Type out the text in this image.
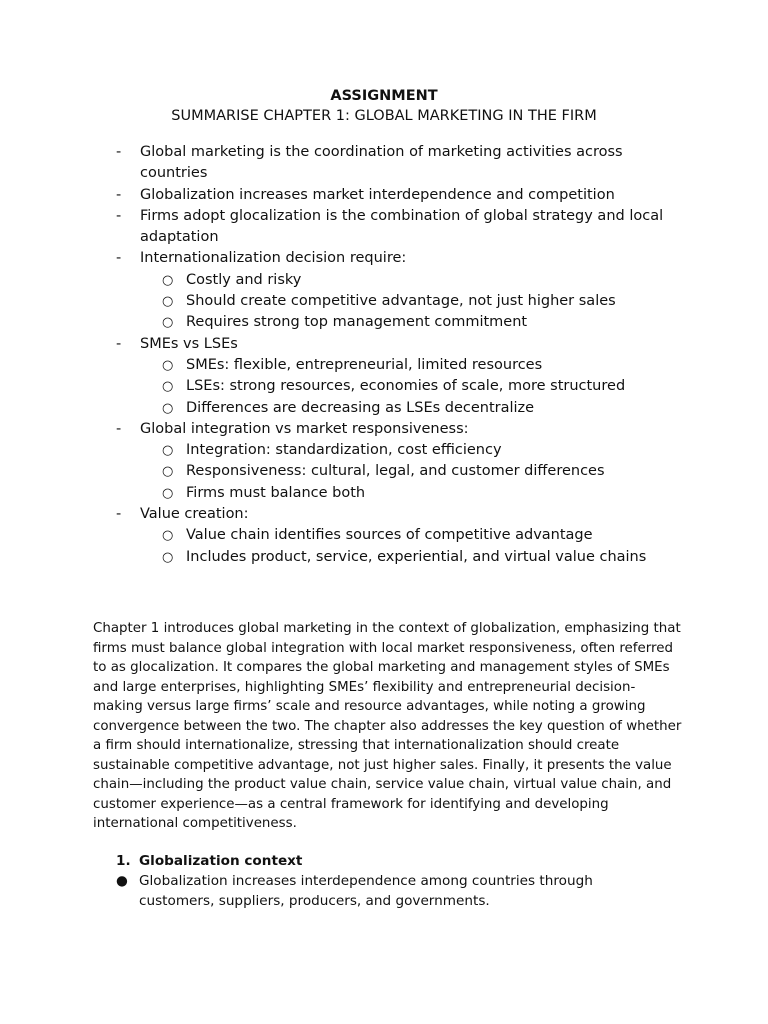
ASSIGNMENT
SUMMARISE CHAPTER 1: GLOBAL MARKETING IN THE FIRM
- Global marketing is the coordination of marketing activities across countries
- Globalization increases market interdependence and competition
- Firms adopt glocalization is the combination of global strategy and local adaptation
- Internationalization decision require:
○ Costly and risky
○ Should create competitive advantage, not just higher sales
○ Requires strong top management commitment
- SMEs vs LSEs
○ SMEs: flexible, entrepreneurial, limited resources
○ LSEs: strong resources, economies of scale, more structured
○ Differences are decreasing as LSEs decentralize
- Global integration vs market responsiveness:
○ Integration: standardization, cost efficiency
○ Responsiveness: cultural, legal, and customer differences
○ Firms must balance both
- Value creation:
○ Value chain identifies sources of competitive advantage
○ Includes product, service, experiential, and virtual value chains

Chapter 1 introduces global marketing in the context of globalization, emphasizing that firms must balance global integration with local market responsiveness, often referred to as glocalization. It compares the global marketing and management styles of SMEs and large enterprises, highlighting SMEs’ flexibility and entrepreneurial decision-making versus large firms’ scale and resource advantages, while noting a growing convergence between the two. The chapter also addresses the key question of whether a firm should internationalize, stressing that internationalization should create sustainable competitive advantage, not just higher sales. Finally, it presents the value chain—including the product value chain, service value chain, virtual value chain, and customer experience—as a central framework for identifying and developing international competitiveness.

1. Globalization context
● Globalization increases interdependence among countries through customers, suppliers, producers, and governments.
